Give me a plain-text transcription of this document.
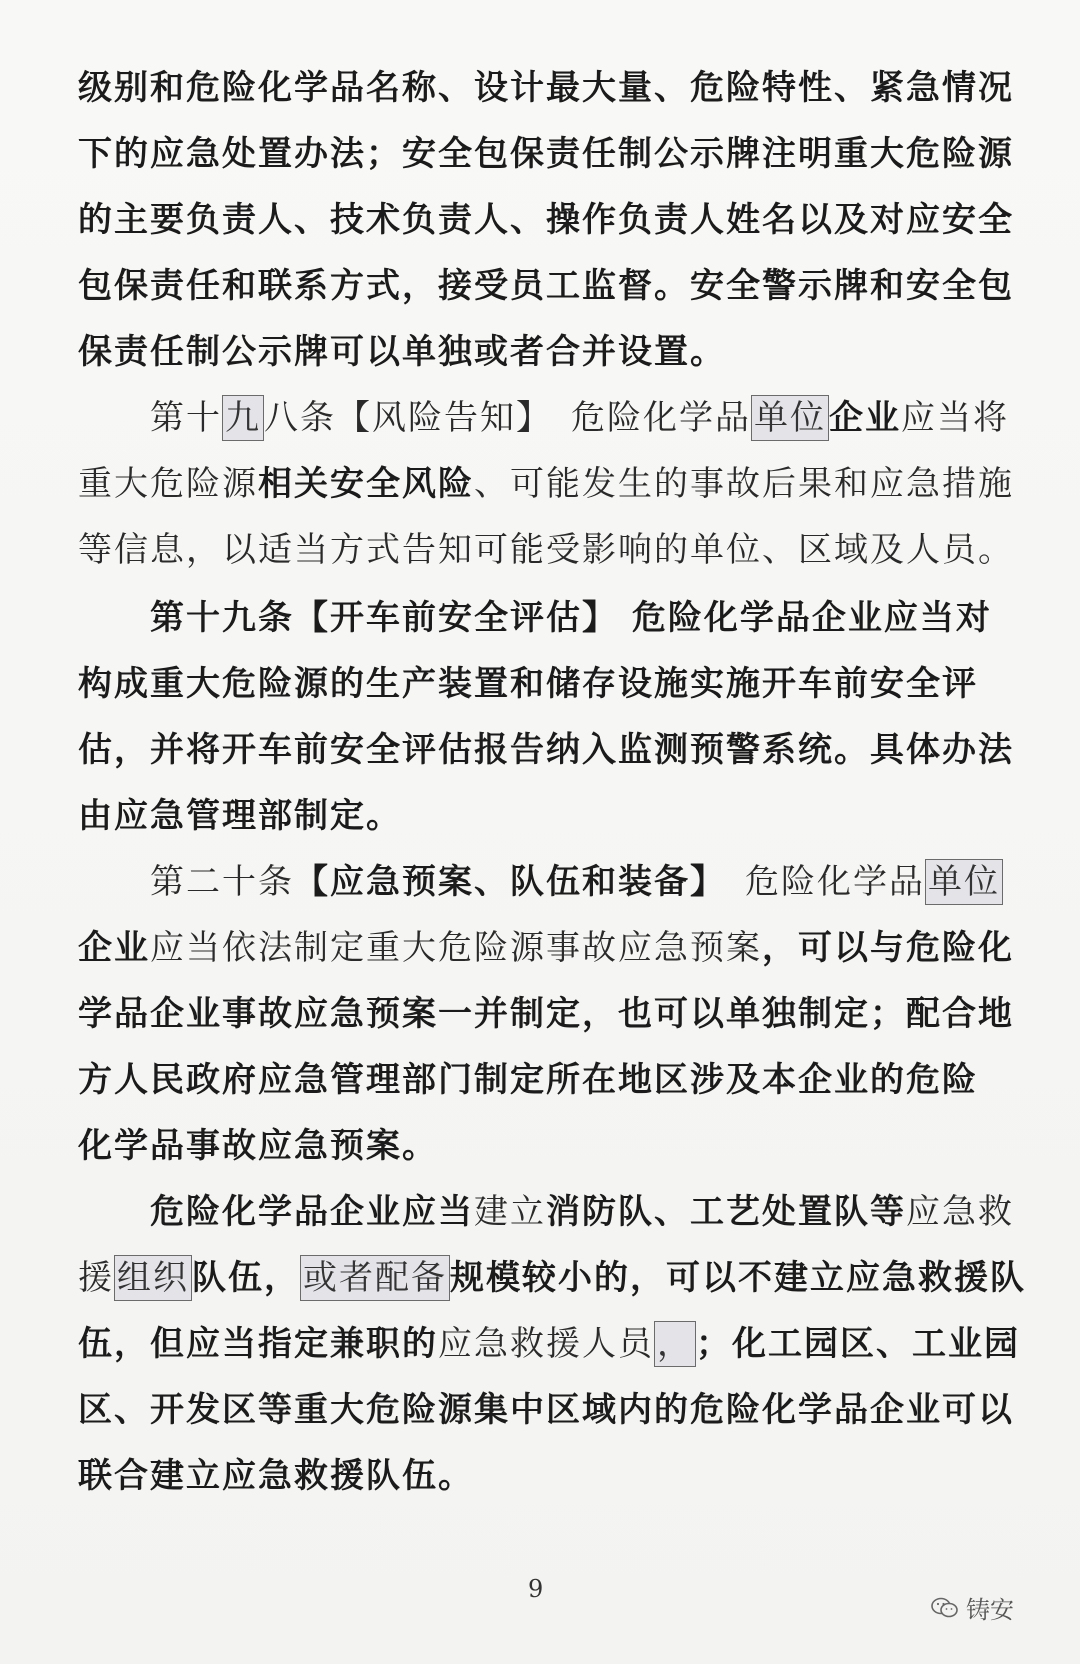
级别和危险化学品名称、设计最大量、危险特性、紧急情况
下的应急处置办法；安全包保责任制公示牌注明重大危险源
的主要负责人、技术负责人、操作负责人姓名以及对应安全
包保责任和联系方式，接受员工监督。安全警示牌和安全包
保责任制公示牌可以单独或者合并设置。
第十九八条【风险告知】　危险化学品单位企业应当将
重大危险源相关安全风险、可能发生的事故后果和应急措施
等信息，以适当方式告知可能受影响的单位、区域及人员。
第十九条【开车前安全评估】 危险化学品企业应当对
构成重大危险源的生产装置和储存设施实施开车前安全评
估，并将开车前安全评估报告纳入监测预警系统。具体办法
由应急管理部制定。
第二十条【应急预案、队伍和装备】　危险化学品单位
企业应当依法制定重大危险源事故应急预案，可以与危险化
学品企业事故应急预案一并制定，也可以单独制定；配合地
方人民政府应急管理部门制定所在地区涉及本企业的危险
化学品事故应急预案。
危险化学品企业应当建立消防队、工艺处置队等应急救
援组织队伍，或者配备规模较小的，可以不建立应急救援队
伍，但应当指定兼职的应急救援人员，；化工园区、工业园
区、开发区等重大危险源集中区域内的危险化学品企业可以
联合建立应急救援队伍。
9
铸安
